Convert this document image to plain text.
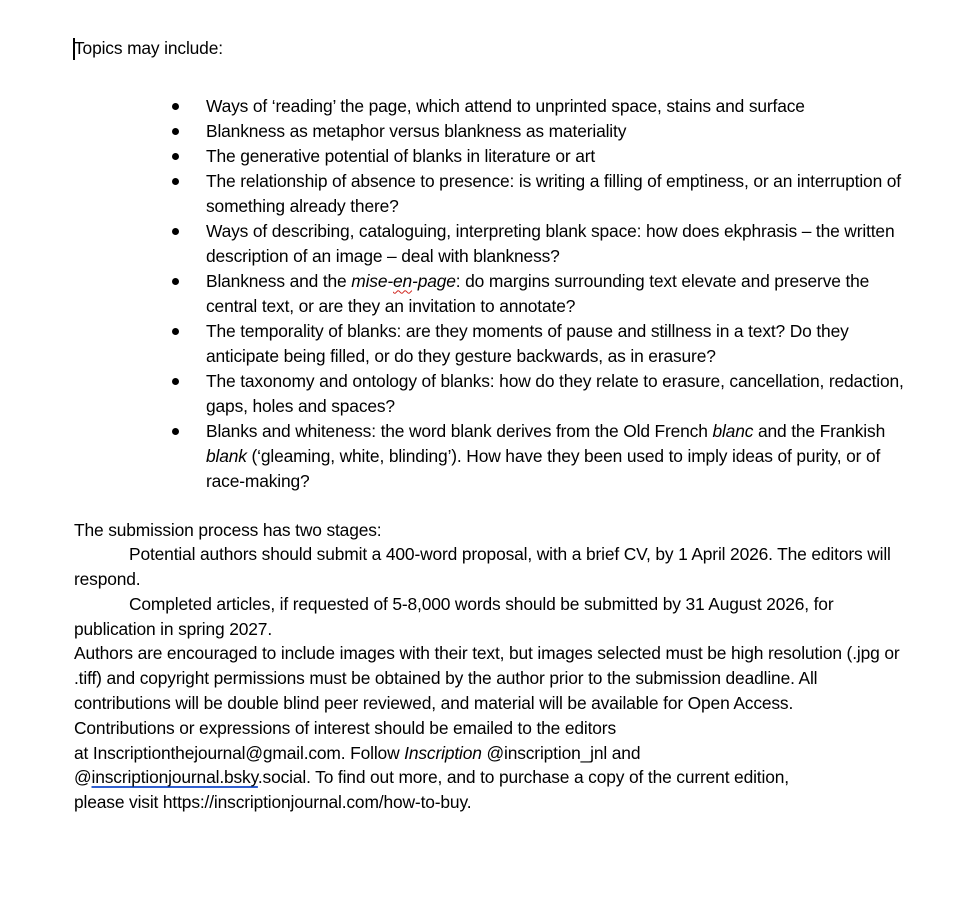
Topics may include:

Ways of ‘reading’ the page, which attend to unprinted space, stains and surface
Blankness as metaphor versus blankness as materiality
The generative potential of blanks in literature or art
The relationship of absence to presence: is writing a filling of emptiness, or an interruption of something already there?
Ways of describing, cataloguing, interpreting blank space: how does ekphrasis – the written description of an image – deal with blankness?
Blankness and the mise-en-page: do margins surrounding text elevate and preserve the central text, or are they an invitation to annotate?
The temporality of blanks: are they moments of pause and stillness in a text? Do they anticipate being filled, or do they gesture backwards, as in erasure?
The taxonomy and ontology of blanks: how do they relate to erasure, cancellation, redaction, gaps, holes and spaces?
Blanks and whiteness: the word blank derives from the Old French blanc and the Frankish blank (‘gleaming, white, blinding’). How have they been used to imply ideas of purity, or of race-making?

The submission process has two stages:

Potential authors should submit a 400-word proposal, with a brief CV, by 1 April 2026. The editors will respond.

Completed articles, if requested of 5-8,000 words should be submitted by 31 August 2026, for publication in spring 2027.

Authors are encouraged to include images with their text, but images selected must be high resolution (.jpg or .tiff) and copyright permissions must be obtained by the author prior to the submission deadline. All contributions will be double blind peer reviewed, and material will be available for Open Access.

Contributions or expressions of interest should be emailed to the editors
at Inscriptionthejournal@gmail.com. Follow Inscription @inscription_jnl and
@inscriptionjournal.bsky.social. To find out more, and to purchase a copy of the current edition,
please visit https://inscriptionjournal.com/how-to-buy.
